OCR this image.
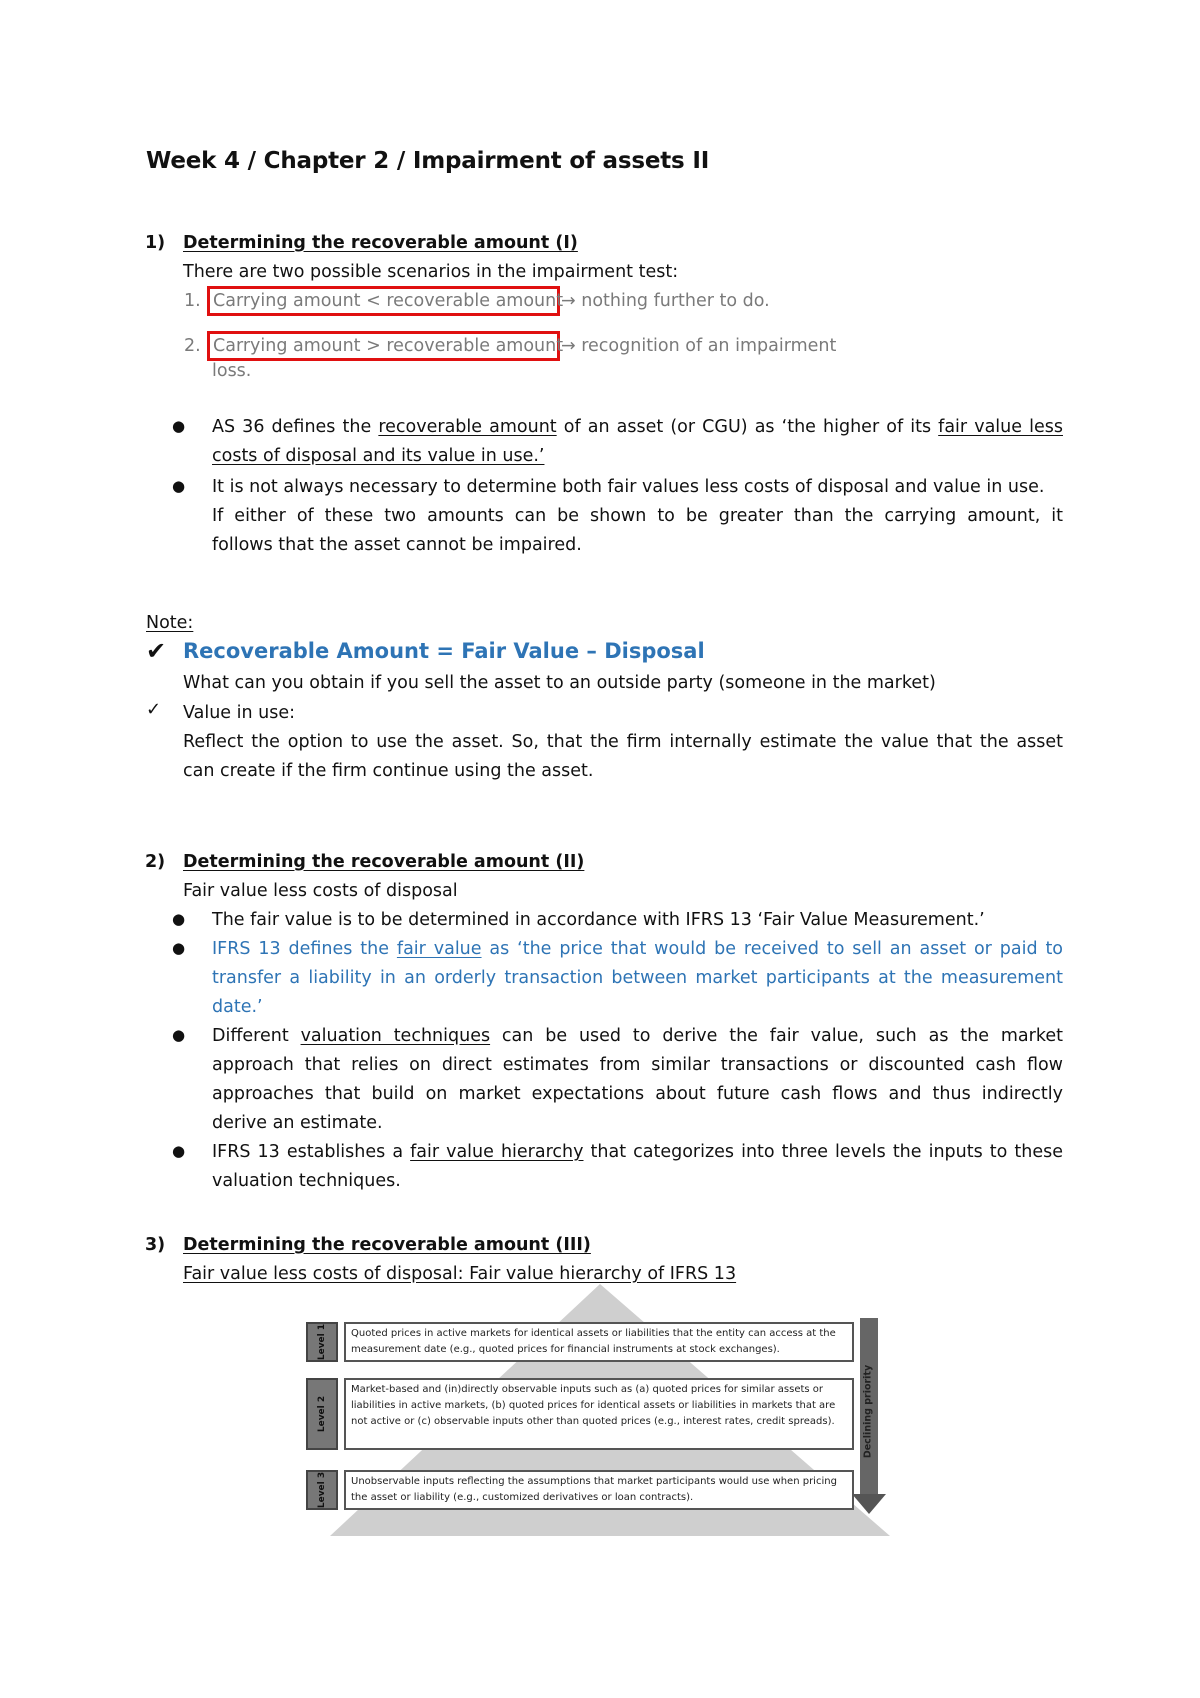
Week 4 / Chapter 2 / Impairment of assets II
1) Determining the recoverable amount (I)
There are two possible scenarios in the impairment test:
1. Carrying amount < recoverable amount
→ nothing further to do.
2. Carrying amount > recoverable amount
→ recognition of an impairment
loss.
● AS 36 defines the recoverable amount of an asset (or CGU) as ‘the higher of its fair value less
costs of disposal and its value in use.’
● It is not always necessary to determine both fair values less costs of disposal and value in use.
If either of these two amounts can be shown to be greater than the carrying amount, it
follows that the asset cannot be impaired.
Note:
✔ Recoverable Amount = Fair Value – Disposal
What can you obtain if you sell the asset to an outside party (someone in the market)
✓ Value in use:
Reflect the option to use the asset. So, that the firm internally estimate the value that the asset
can create if the firm continue using the asset.
2) Determining the recoverable amount (II)
Fair value less costs of disposal
● The fair value is to be determined in accordance with IFRS 13 ‘Fair Value Measurement.’
● IFRS 13 defines the fair value as ‘the price that would be received to sell an asset or paid to
transfer a liability in an orderly transaction between market participants at the measurement
date.’
● Different valuation techniques can be used to derive the fair value, such as the market
approach that relies on direct estimates from similar transactions or discounted cash flow
approaches that build on market expectations about future cash flows and thus indirectly
derive an estimate.
● IFRS 13 establishes a fair value hierarchy that categorizes into three levels the inputs to these
valuation techniques.
3) Determining the recoverable amount (III)
Fair value less costs of disposal: Fair value hierarchy of IFRS 13
Level 1	Quoted prices in active markets for identical assets or liabilities that the entity can access at the measurement date (e.g., quoted prices for financial instruments at stock exchanges).
Level 2
Market-based and (in)directly observable inputs such as (a) quoted prices for similar assets or liabilities in active markets, (b) quoted prices for identical assets or liabilities in markets that are not active or (c) observable inputs other than quoted prices (e.g., interest rates, credit spreads).
Level 3	Unobservable inputs reflecting the assumptions that market participants would use when pricing the asset or liability (e.g., customized derivatives or loan contracts).
Declining priority
